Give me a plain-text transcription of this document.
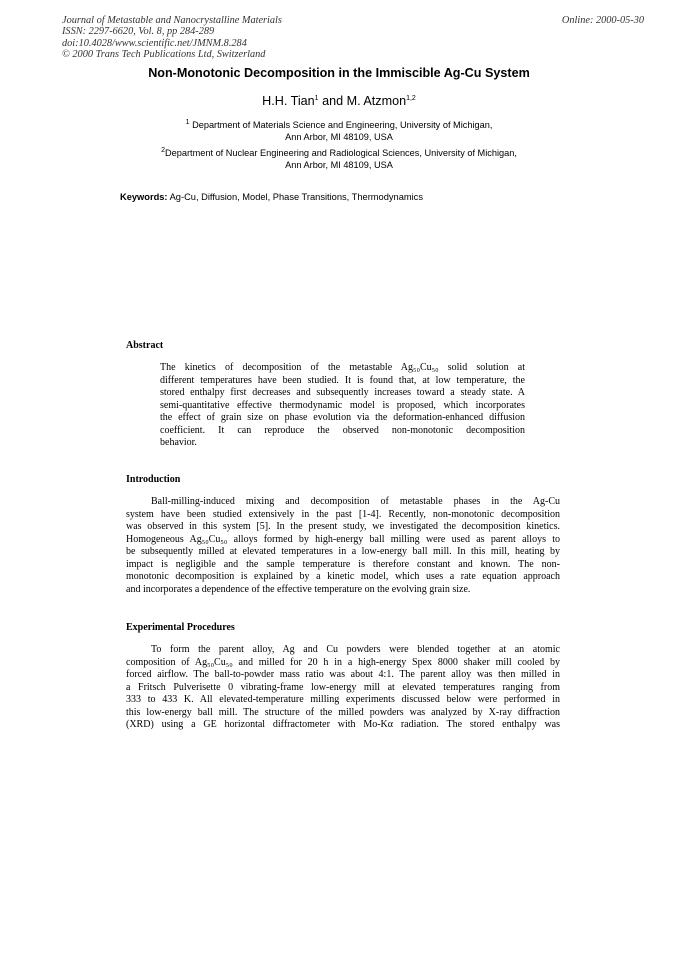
Journal of Metastable and Nanocrystalline Materials
ISSN: 2297-6620, Vol. 8, pp 284-289
doi:10.4028/www.scientific.net/JMNM.8.284
© 2000 Trans Tech Publications Ltd, Switzerland
Online: 2000-05-30
Non-Monotonic Decomposition in the Immiscible Ag-Cu System
H.H. Tian$^1$ and M. Atzmon$^{1,2}$
$^1$ Department of Materials Science and Engineering, University of Michigan,
Ann Arbor, MI 48109, USA
$^2$Department of Nuclear Engineering and Radiological Sciences, University of Michigan,
Ann Arbor, MI 48109, USA
Keywords: Ag-Cu, Diffusion, Model, Phase Transitions, Thermodynamics
Abstract
The kinetics of decomposition of the metastable Ag₅₀Cu₅₀ solid solution at
different temperatures have been studied. It is found that, at low temperature, the
stored enthalpy first decreases and subsequently increases toward a steady state. A
semi-quantitative effective thermodynamic model is proposed, which incorporates
the effect of grain size on phase evolution via the deformation-enhanced diffusion
coefficient. It can reproduce the observed non-monotonic decomposition
behavior.
Introduction
   Ball-milling-induced mixing and decomposition of metastable phases in the Ag-Cu
system have been studied extensively in the past [1-4]. Recently, non-monotonic decomposition
was observed in this system [5]. In the present study, we investigated the decomposition kinetics.
Homogeneous Ag₅₀Cu₅₀ alloys formed by high-energy ball milling were used as parent alloys to
be subsequently milled at elevated temperatures in a low-energy ball mill. In this mill, heating by
impact is negligible and the sample temperature is therefore constant and known. The non-
monotonic decomposition is explained by a kinetic model, which uses a rate equation approach
and incorporates a dependence of the effective temperature on the evolving grain size.
Experimental Procedures
   To form the parent alloy, Ag and Cu powders were blended together at an atomic
composition of Ag₅₀Cu₅₀ and milled for 20 h in a high-energy Spex 8000 shaker mill cooled by
forced airflow. The ball-to-powder mass ratio was about 4:1. The parent alloy was then milled in
a Fritsch Pulverisette 0 vibrating-frame low-energy mill at elevated temperatures ranging from
333 to 433 K. All elevated-temperature milling experiments discussed below were performed in
this low-energy ball mill. The structure of the milled powders was analyzed by X-ray diffraction
(XRD) using a GE horizontal diffractometer with Mo-Kα radiation. The stored enthalpy was
